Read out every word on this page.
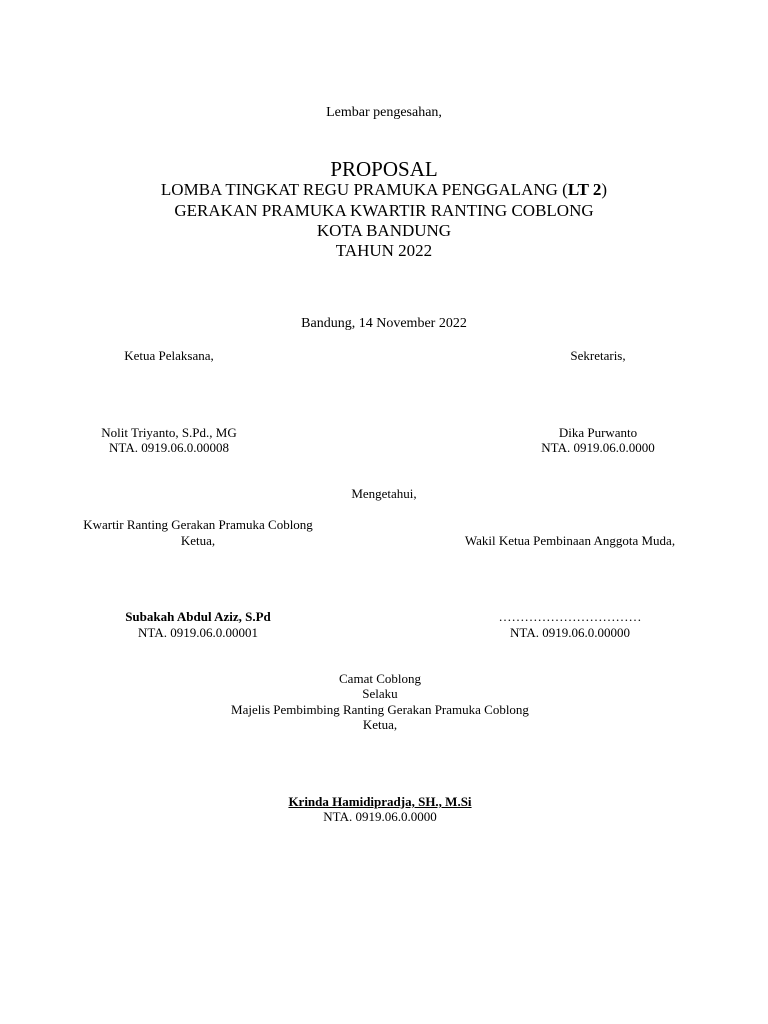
Lembar pengesahan,
PROPOSAL
LOMBA TINGKAT REGU PRAMUKA PENGGALANG (LT 2)
GERAKAN PRAMUKA KWARTIR RANTING COBLONG
KOTA BANDUNG
TAHUN 2022
Bandung, 14 November 2022
Ketua Pelaksana,	Sekretaris,
Nolit Triyanto, S.Pd., MG
NTA. 0919.06.0.00008
Dika Purwanto
NTA. 0919.06.0.0000
Mengetahui,
Kwartir Ranting Gerakan Pramuka Coblong
Ketua,	Wakil Ketua Pembinaan Anggota Muda,
Subakah Abdul Aziz, S.Pd
NTA. 0919.06.0.00001
……………………………
NTA. 0919.06.0.00000
Camat Coblong
Selaku
Majelis Pembimbing Ranting Gerakan Pramuka Coblong
Ketua,
Krinda Hamidipradja, SH., M.Si
NTA. 0919.06.0.0000
